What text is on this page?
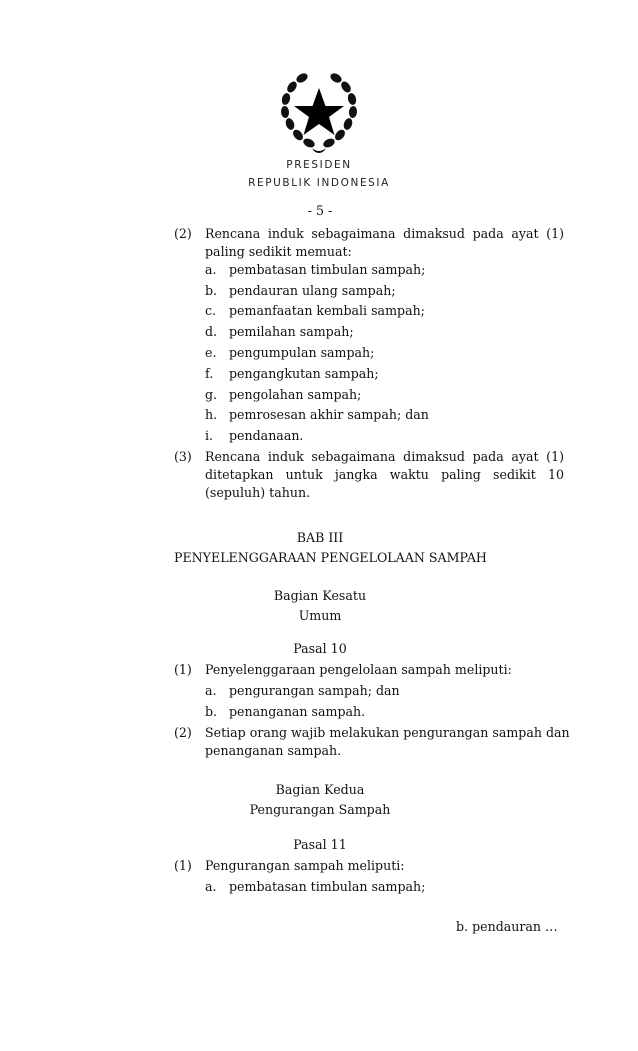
PRESIDEN
REPUBLIK INDONESIA
- 5 -
(2) Rencana induk sebagaimana dimaksud pada ayat (1)
paling sedikit memuat:
a. pembatasan timbulan sampah;
b. pendauran ulang sampah;
c. pemanfaatan kembali sampah;
d. pemilahan sampah;
e. pengumpulan sampah;
f. pengangkutan sampah;
g. pengolahan sampah;
h. pemrosesan akhir sampah; dan
i. pendanaan.
(3) Rencana induk sebagaimana dimaksud pada ayat (1)
ditetapkan untuk jangka waktu paling sedikit 10
(sepuluh) tahun.
BAB III
PENYELENGGARAAN PENGELOLAAN SAMPAH
Bagian Kesatu
Umum
Pasal 10
(1) Penyelenggaraan pengelolaan sampah meliputi:
a. pengurangan sampah; dan
b. penanganan sampah.
(2) Setiap orang wajib melakukan pengurangan sampah dan
penanganan sampah.
Bagian Kedua
Pengurangan Sampah
Pasal 11
(1) Pengurangan sampah meliputi:
a. pembatasan timbulan sampah;
b. pendauran …
